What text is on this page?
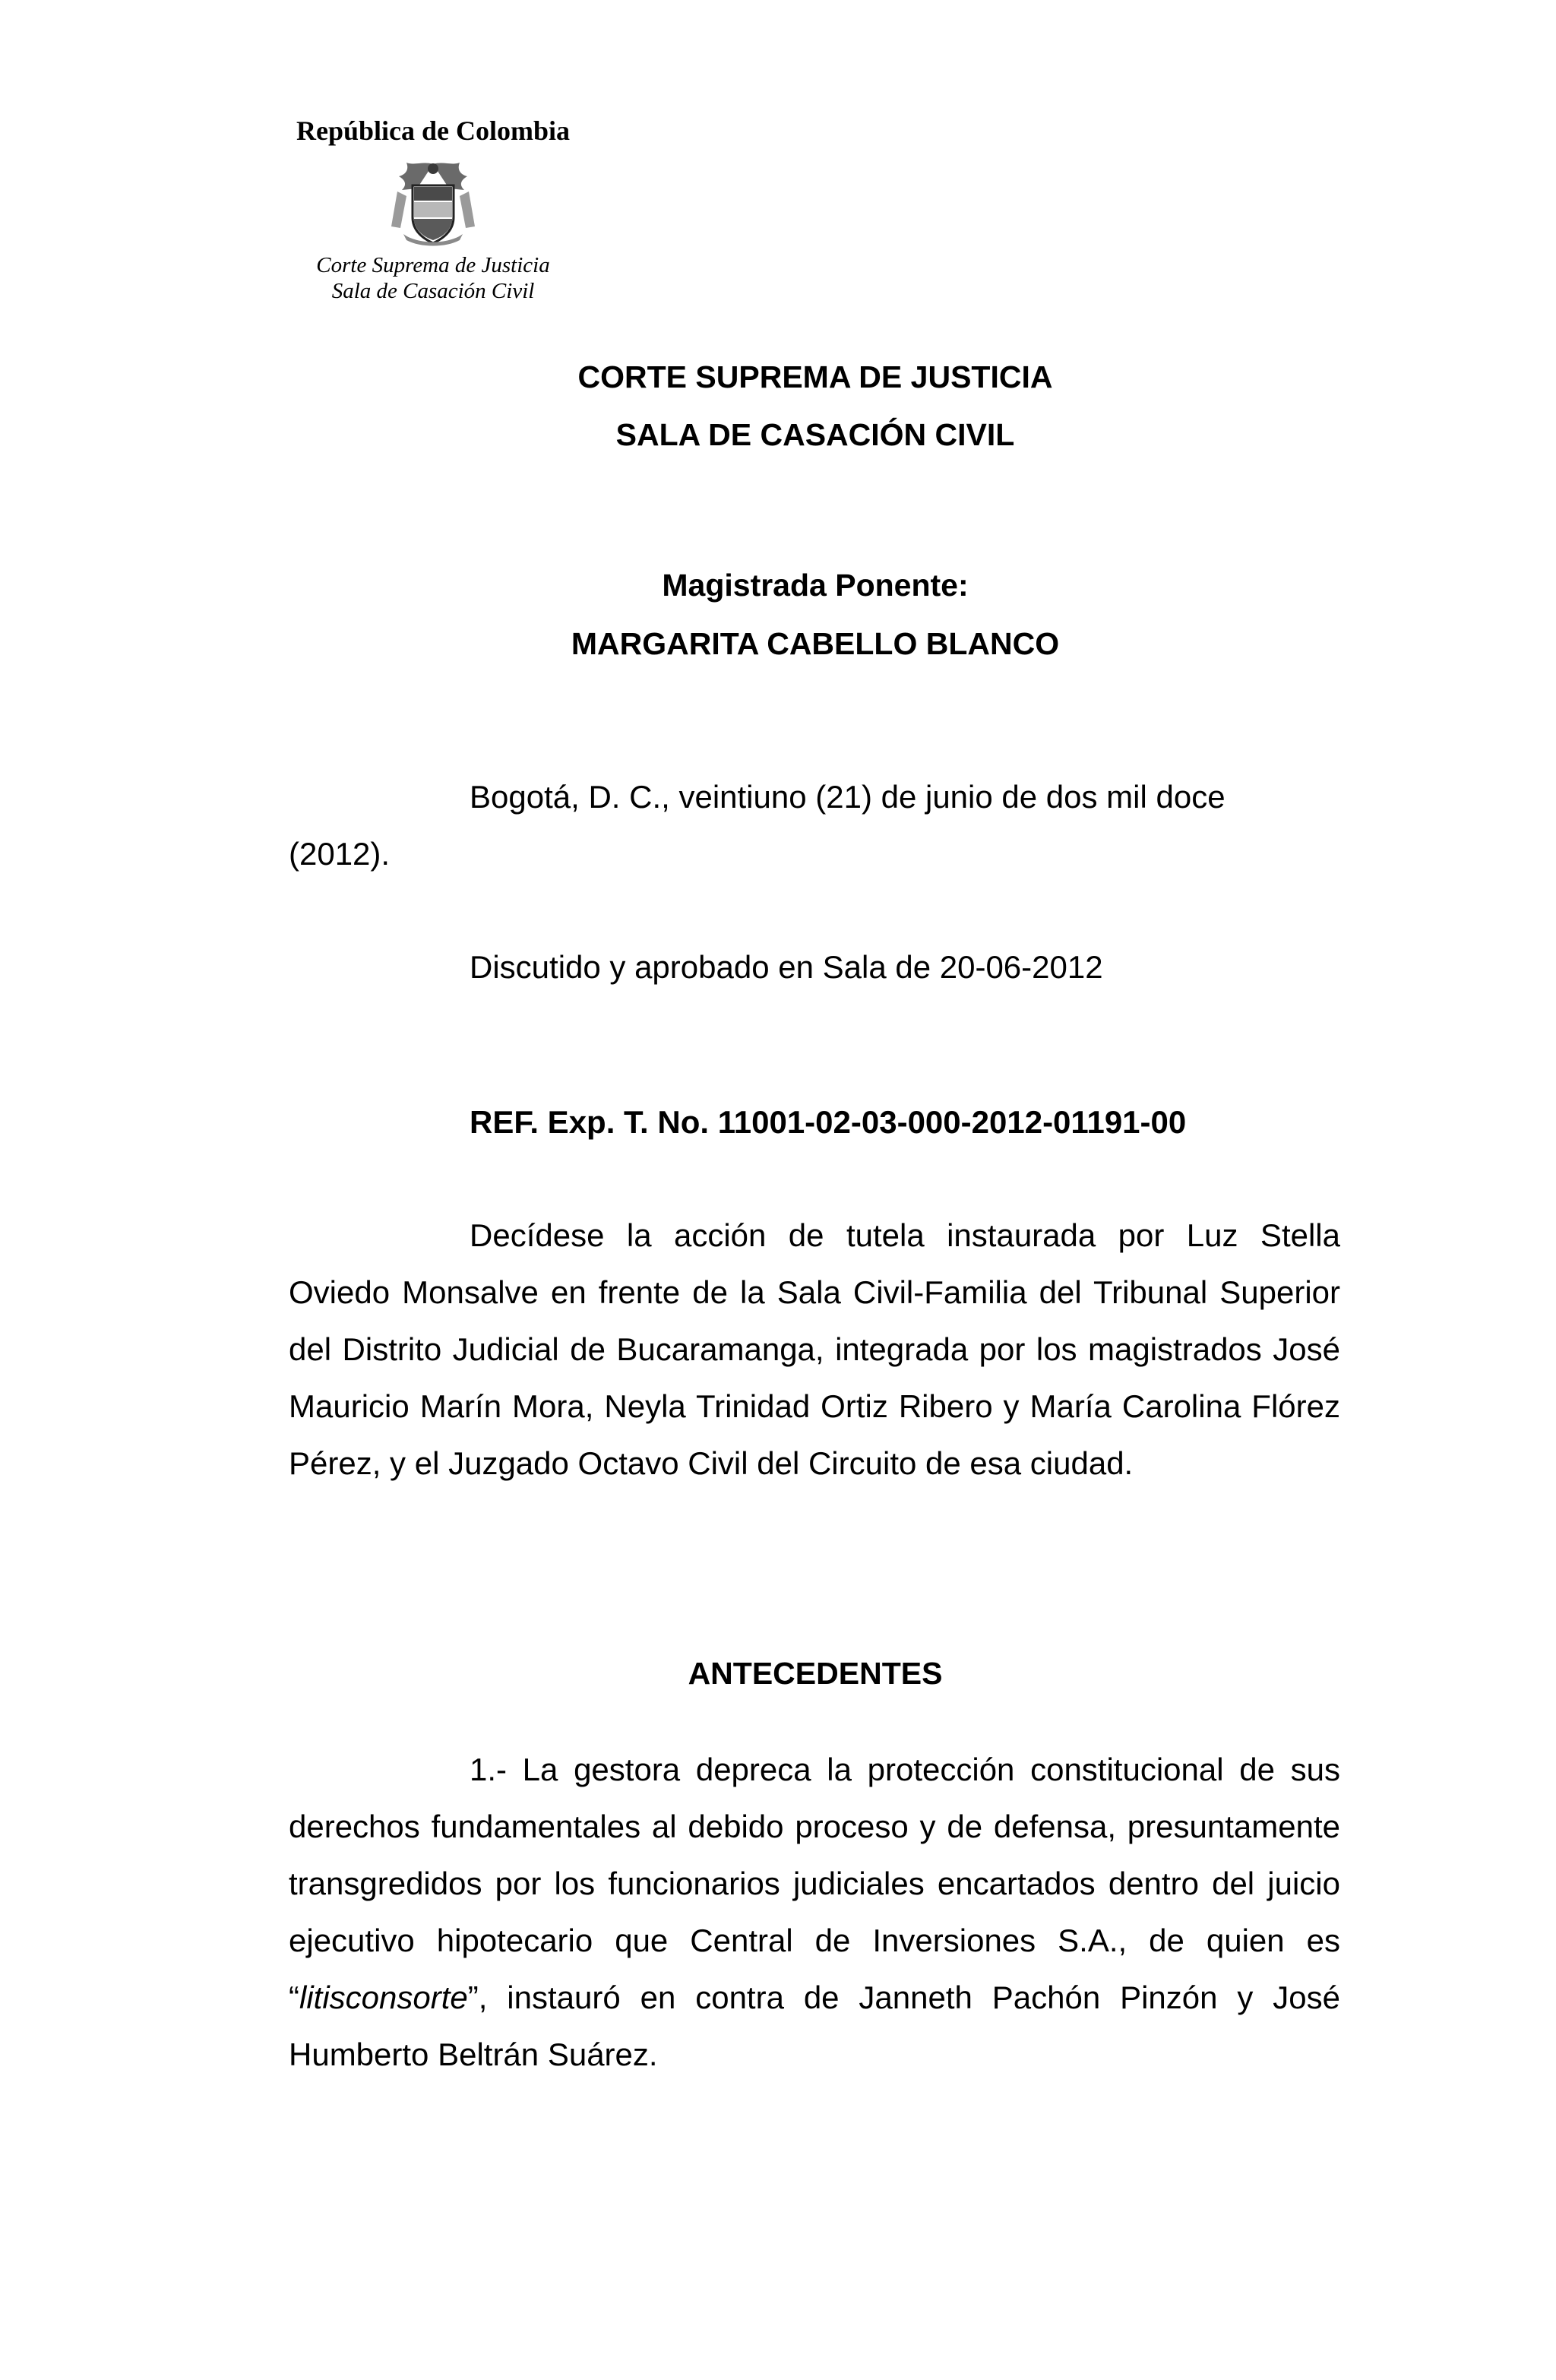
República de Colombia
Corte Suprema de Justicia
Sala de Casación Civil
CORTE SUPREMA DE JUSTICIA
SALA DE CASACIÓN CIVIL
Magistrada Ponente:
MARGARITA CABELLO BLANCO
Bogotá, D. C., veintiuno (21) de junio de dos mil doce
(2012).
Discutido y aprobado en Sala de 20-06-2012
REF. Exp. T. No. 11001-02-03-000-2012-01191-00
Decídese la acción de tutela instaurada por Luz Stella Oviedo Monsalve en frente de la Sala Civil-Familia del Tribunal Superior del Distrito Judicial de Bucaramanga, integrada por los magistrados José Mauricio Marín Mora, Neyla Trinidad Ortiz Ribero y María Carolina Flórez Pérez, y el Juzgado Octavo Civil del Circuito de esa ciudad.
ANTECEDENTES
1.- La gestora depreca la protección constitucional de sus derechos fundamentales al debido proceso y de defensa, presuntamente transgredidos por los funcionarios judiciales encartados dentro del juicio ejecutivo hipotecario que Central de Inversiones S.A., de quien es “litisconsorte”, instauró en contra de Janneth Pachón Pinzón y José Humberto Beltrán Suárez.
